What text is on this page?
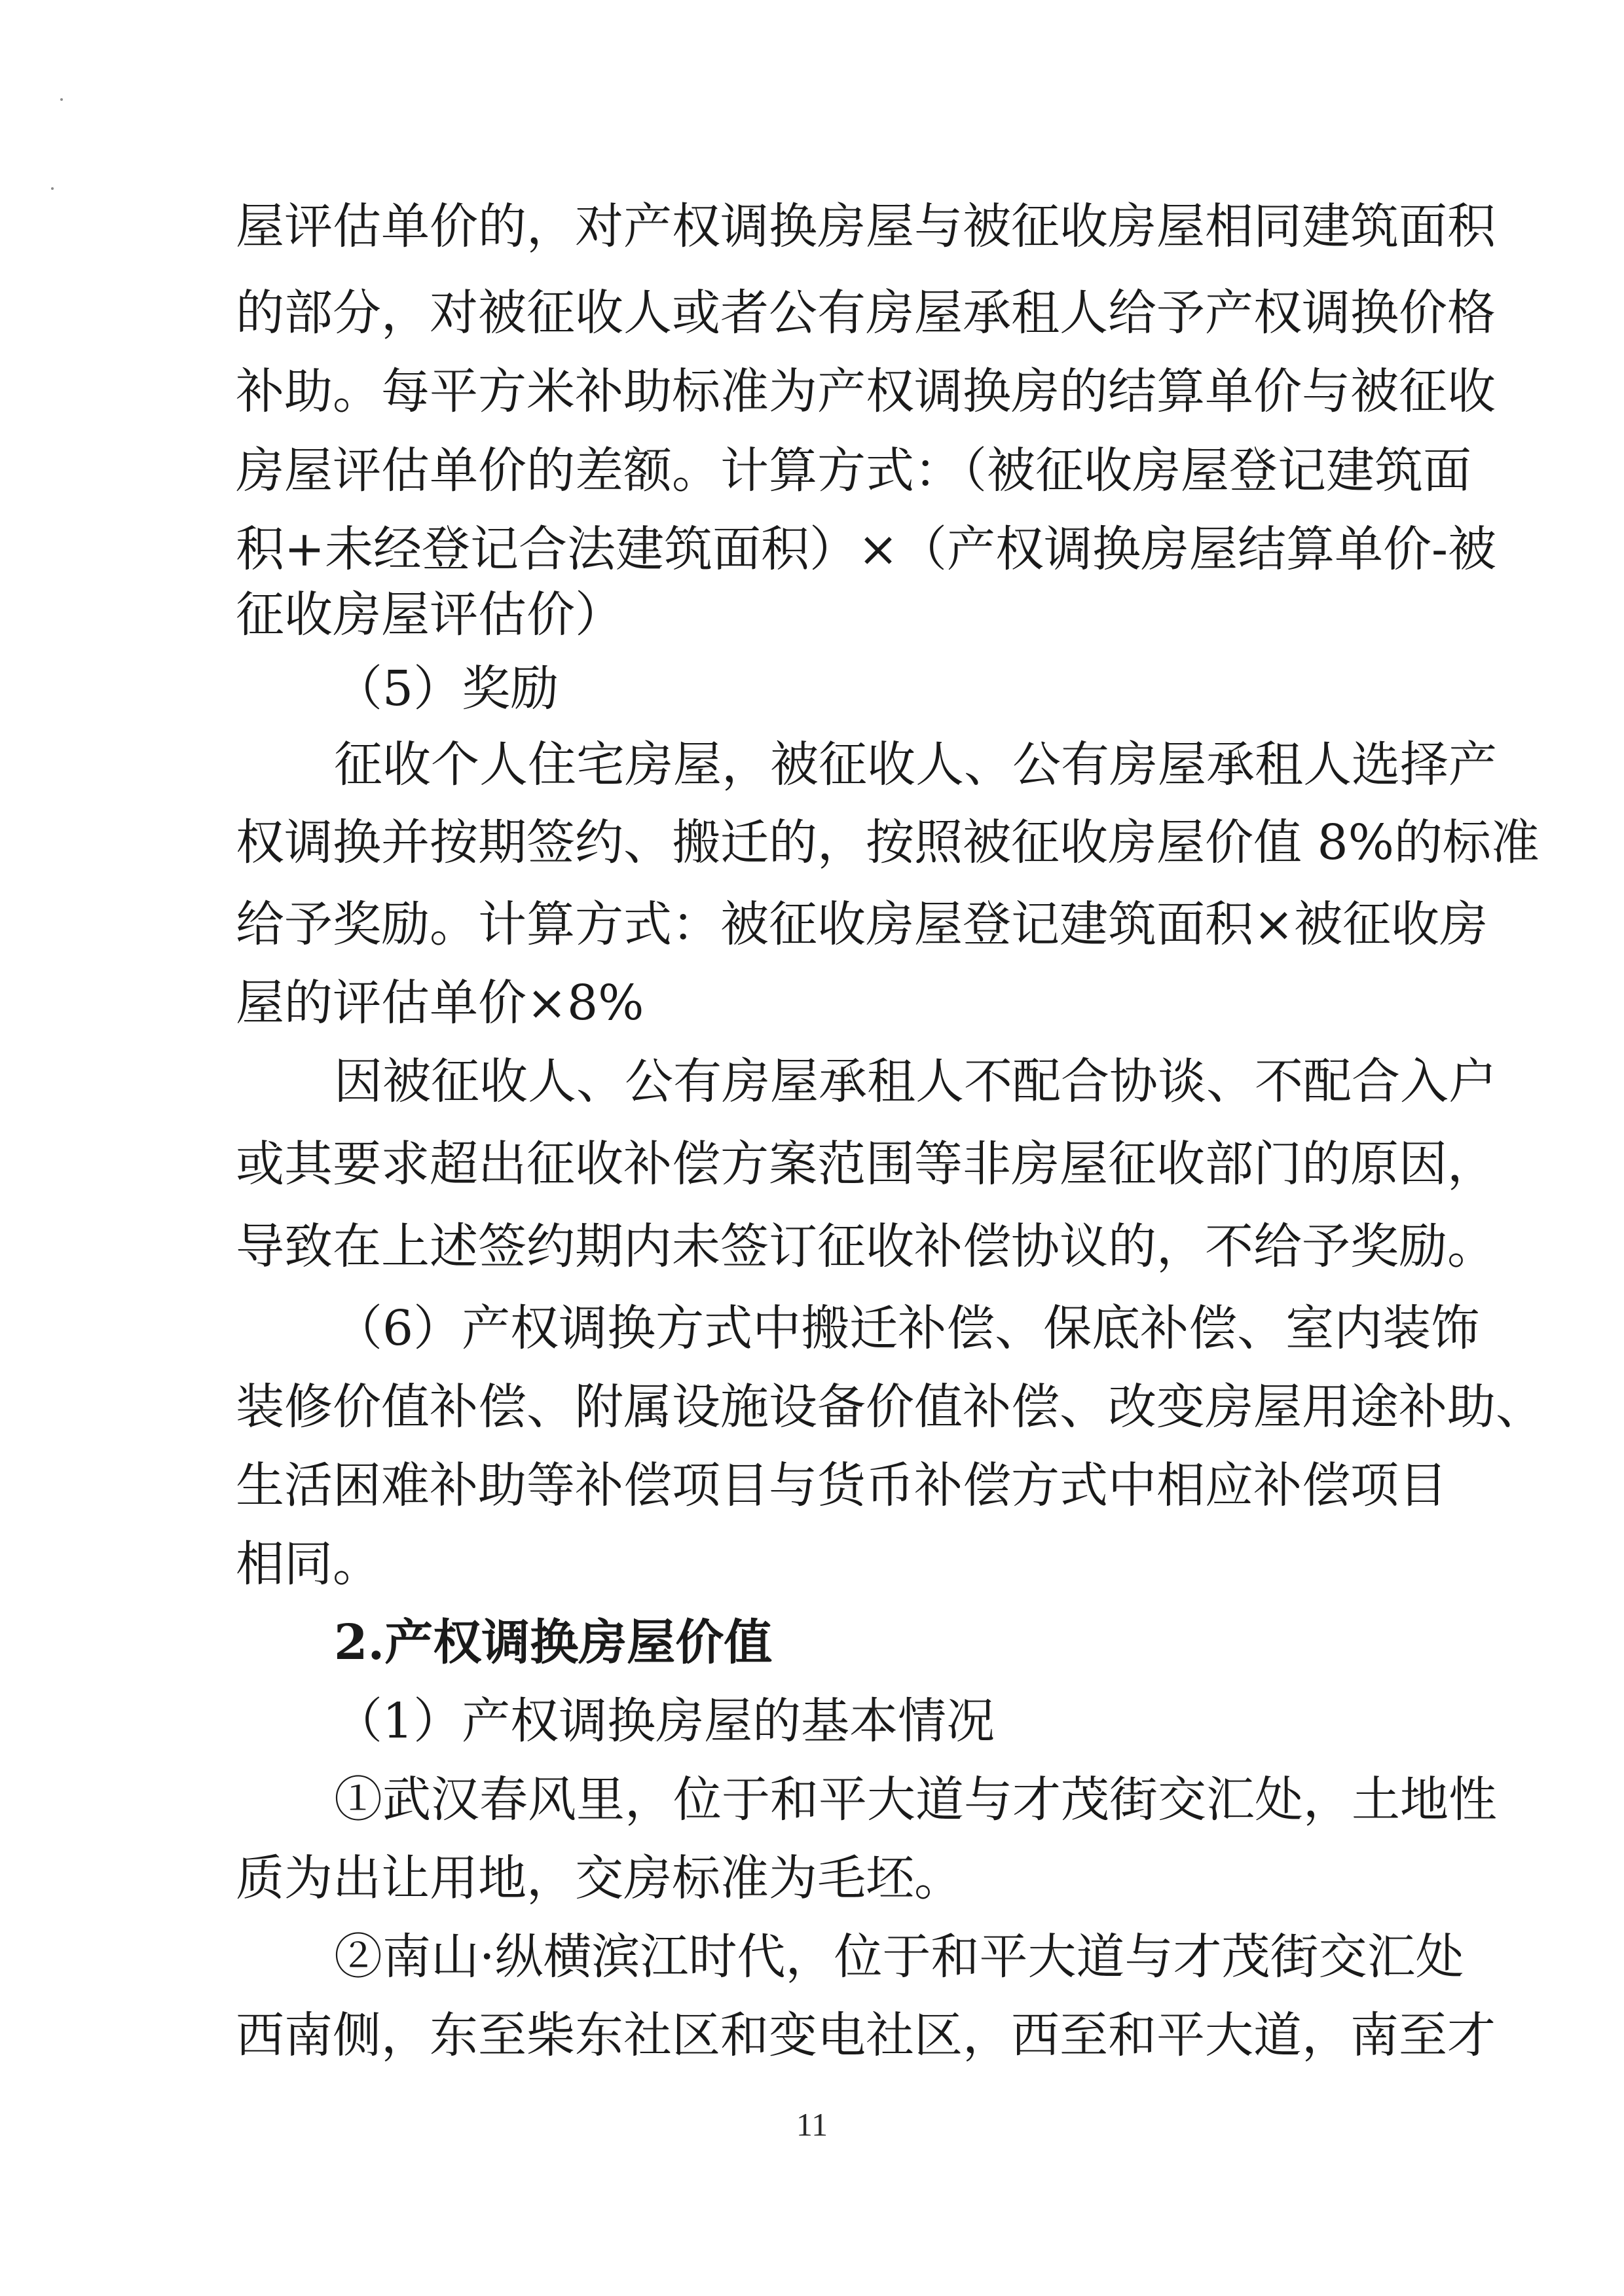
屋评估单价的，对产权调换房屋与被征收房屋相同建筑面积
的部分，对被征收人或者公有房屋承租人给予产权调换价格
补助。每平方米补助标准为产权调换房的结算单价与被征收
房屋评估单价的差额。计算方式：（被征收房屋登记建筑面
积+未经登记合法建筑面积）×（产权调换房屋结算单价-被
征收房屋评估价）
（5）奖励
征收个人住宅房屋，被征收人、公有房屋承租人选择产
权调换并按期签约、搬迁的，按照被征收房屋价值 8%的标准
给予奖励。计算方式：被征收房屋登记建筑面积×被征收房
屋的评估单价×8%
因被征收人、公有房屋承租人不配合协谈、不配合入户
或其要求超出征收补偿方案范围等非房屋征收部门的原因，
导致在上述签约期内未签订征收补偿协议的，不给予奖励。
（6）产权调换方式中搬迁补偿、保底补偿、室内装饰
装修价值补偿、附属设施设备价值补偿、改变房屋用途补助、
生活困难补助等补偿项目与货币补偿方式中相应补偿项目
相同。
2.产权调换房屋价值
（1）产权调换房屋的基本情况
①武汉春风里，位于和平大道与才茂街交汇处，土地性
质为出让用地，交房标准为毛坯。
②南山·纵横滨江时代，位于和平大道与才茂街交汇处
西南侧，东至柴东社区和变电社区，西至和平大道，南至才
11
